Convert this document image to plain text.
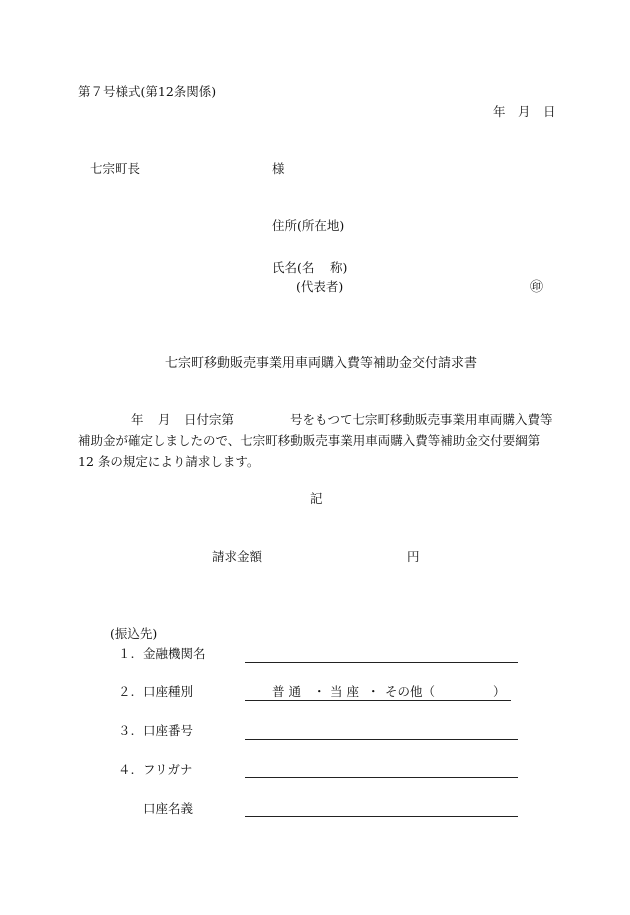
第７号様式(第12条関係)
年 月 日
七宗町長	様
住所(所在地)
氏名(名 称)
(代表者)	㊞
七宗町移動販売事業用車両購入費等補助金交付請求書
年 月 日付宗第	号をもつて七宗町移動販売事業用車両購入費等
補助金が確定しましたので、七宗町移動販売事業用車両購入費等補助金交付要綱第
12 条の規定により請求します。
記
請求金額	円
(振込先)
１. 金融機関名
２. 口座種別	普 通 ・ 当 座 ・ その他（	）
３. 口座番号
４. フリガナ
口座名義
